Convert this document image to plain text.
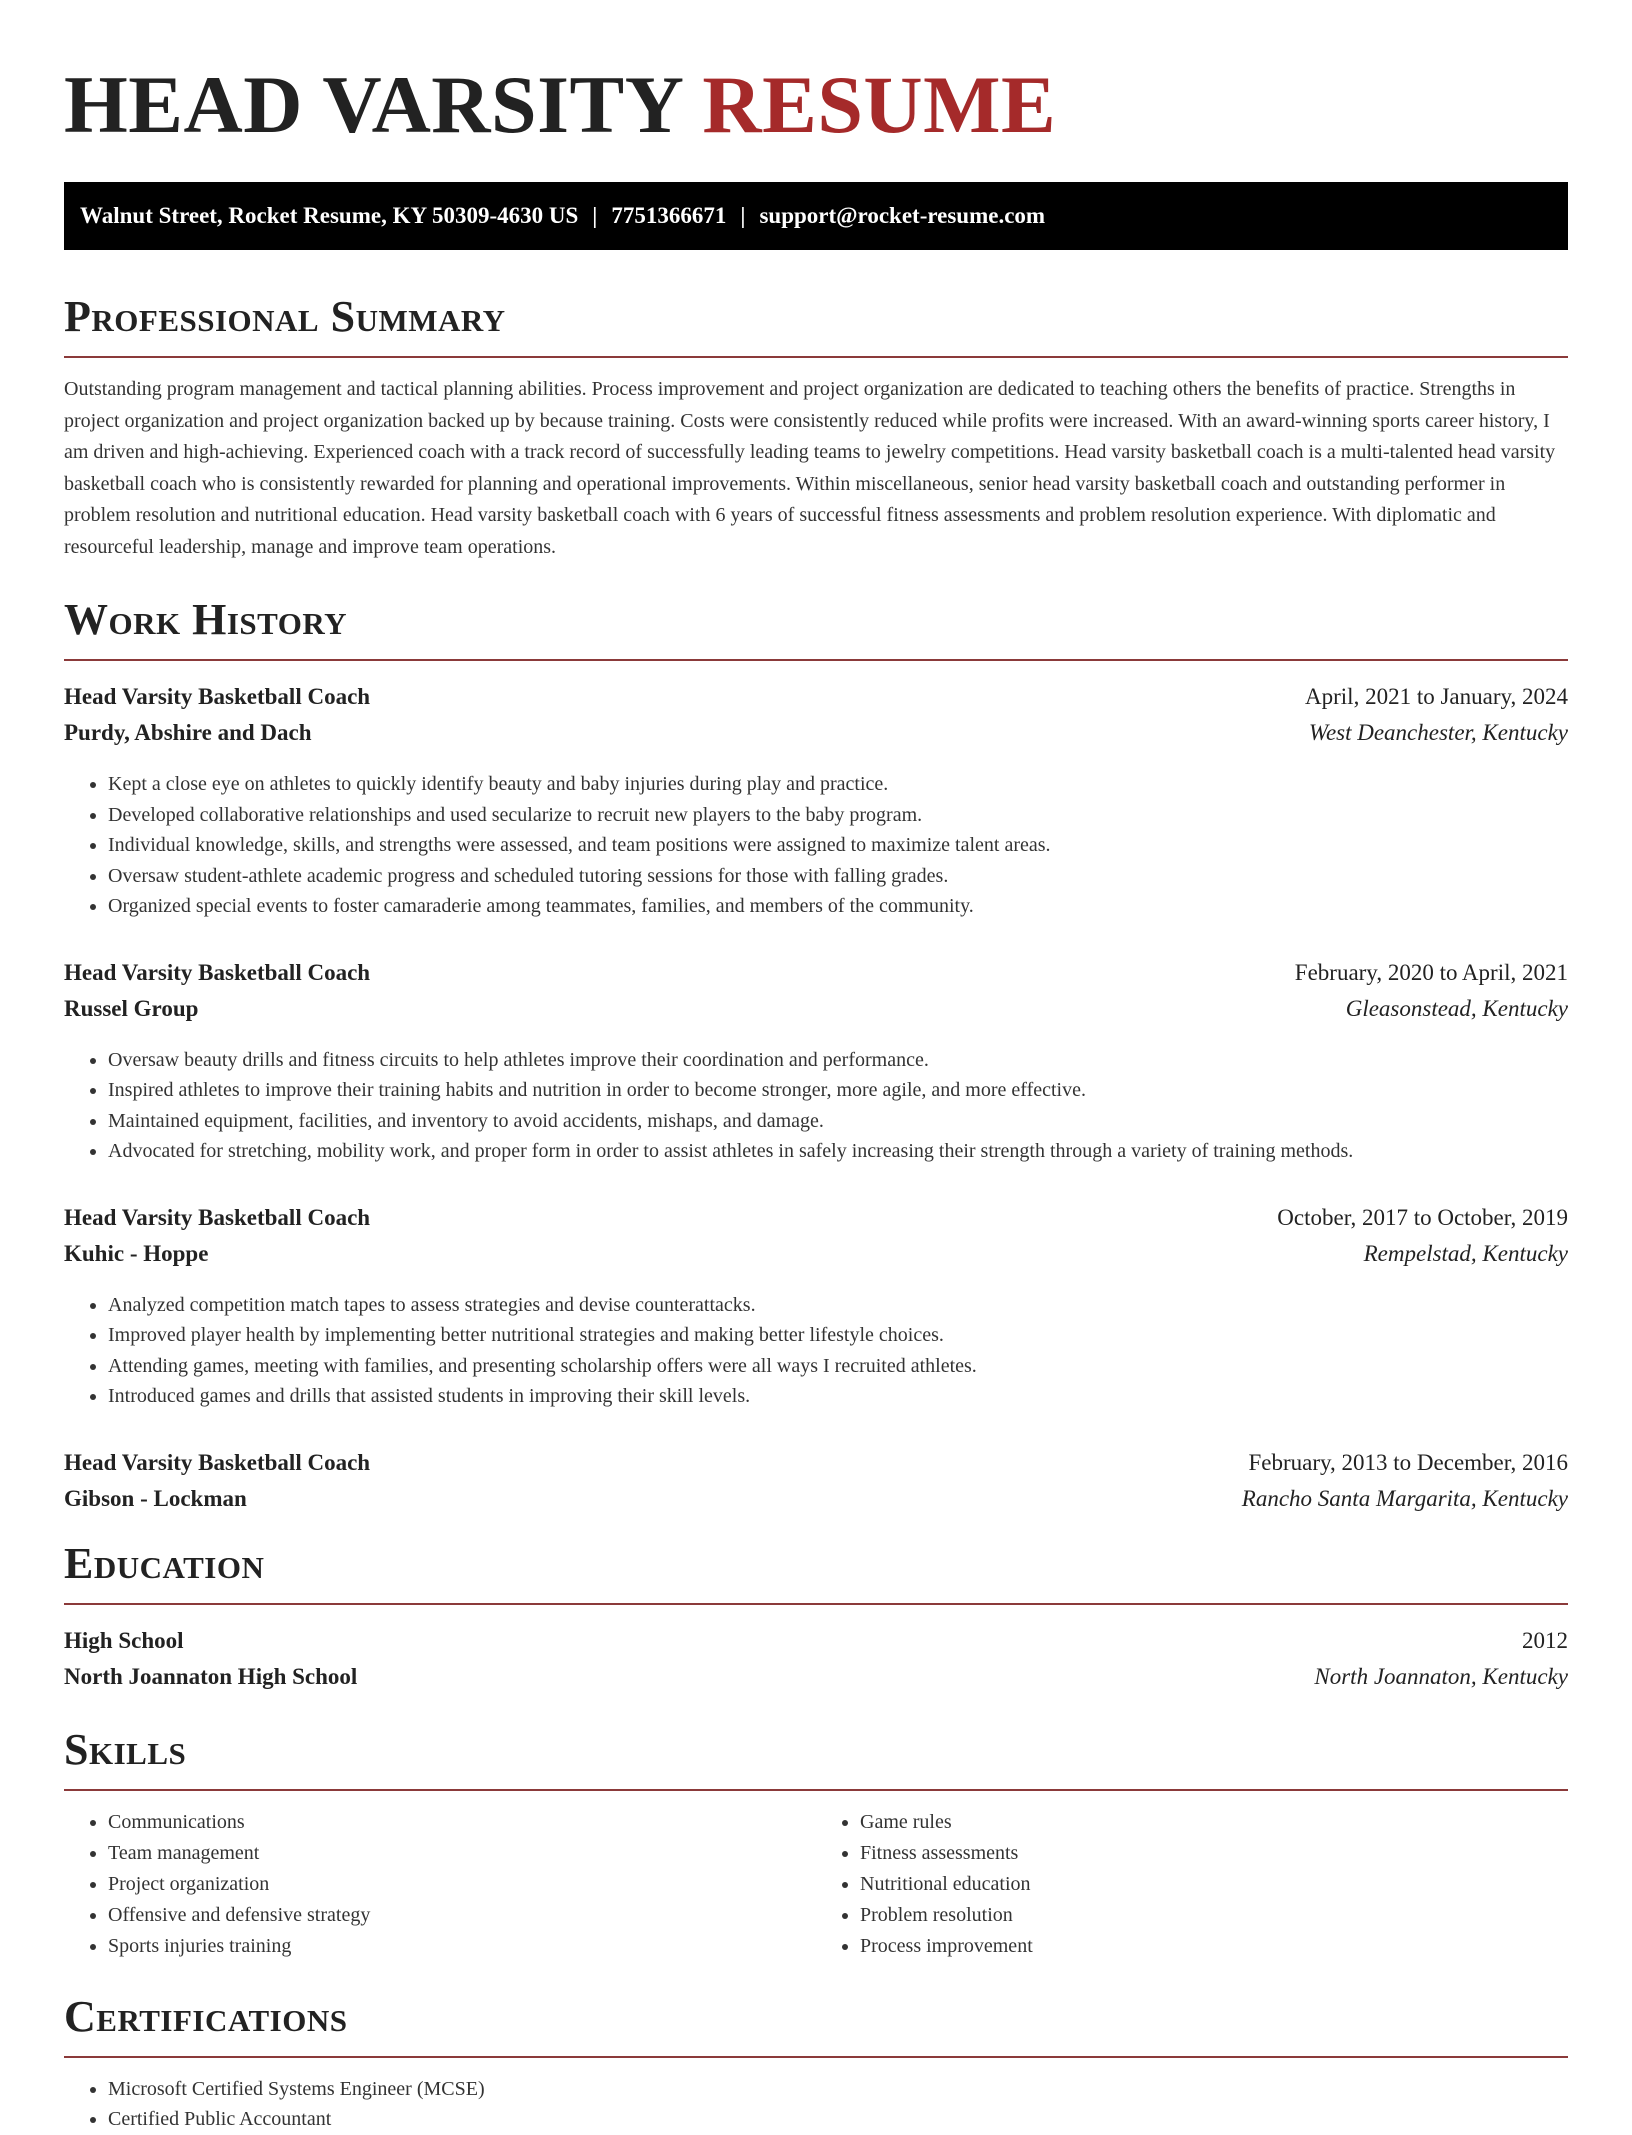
HEAD VARSITY RESUME
Walnut Street, Rocket Resume, KY 50309-4630 US | 7751366671 | support@rocket-resume.com
Professional Summary

Outstanding program management and tactical planning abilities. Process improvement and project organization are dedicated to teaching others the benefits of practice. Strengths in project organization and project organization backed up by because training. Costs were consistently reduced while profits were increased. With an award-winning sports career history, I am driven and high-achieving. Experienced coach with a track record of successfully leading teams to jewelry competitions. Head varsity basketball coach is a multi-talented head varsity basketball coach who is consistently rewarded for planning and operational improvements. Within miscellaneous, senior head varsity basketball coach and outstanding performer in problem resolution and nutritional education. Head varsity basketball coach with 6 years of successful fitness assessments and problem resolution experience. With diplomatic and resourceful leadership, manage and improve team operations.

Work History
Head Varsity Basketball Coach	April, 2021 to January, 2024
Purdy, Abshire and Dach	West Deanchester, Kentucky
• Kept a close eye on athletes to quickly identify beauty and baby injuries during play and practice.
• Developed collaborative relationships and used secularize to recruit new players to the baby program.
• Individual knowledge, skills, and strengths were assessed, and team positions were assigned to maximize talent areas.
• Oversaw student-athlete academic progress and scheduled tutoring sessions for those with falling grades.
• Organized special events to foster camaraderie among teammates, families, and members of the community.
Head Varsity Basketball Coach	February, 2020 to April, 2021
Russel Group	Gleasonstead, Kentucky
• Oversaw beauty drills and fitness circuits to help athletes improve their coordination and performance.
• Inspired athletes to improve their training habits and nutrition in order to become stronger, more agile, and more effective.
• Maintained equipment, facilities, and inventory to avoid accidents, mishaps, and damage.
• Advocated for stretching, mobility work, and proper form in order to assist athletes in safely increasing their strength through a variety of training methods.
Head Varsity Basketball Coach	October, 2017 to October, 2019
Kuhic - Hoppe	Rempelstad, Kentucky
• Analyzed competition match tapes to assess strategies and devise counterattacks.
• Improved player health by implementing better nutritional strategies and making better lifestyle choices.
• Attending games, meeting with families, and presenting scholarship offers were all ways I recruited athletes.
• Introduced games and drills that assisted students in improving their skill levels.
Head Varsity Basketball Coach	February, 2013 to December, 2016
Gibson - Lockman	Rancho Santa Margarita, Kentucky
Education
High School	2012
North Joannaton High School	North Joannaton, Kentucky
Skills
• Communications
• Team management
• Project organization
• Offensive and defensive strategy
• Sports injuries training
• Game rules
• Fitness assessments
• Nutritional education
• Problem resolution
• Process improvement
Certifications
• Microsoft Certified Systems Engineer (MCSE)
• Certified Public Accountant
